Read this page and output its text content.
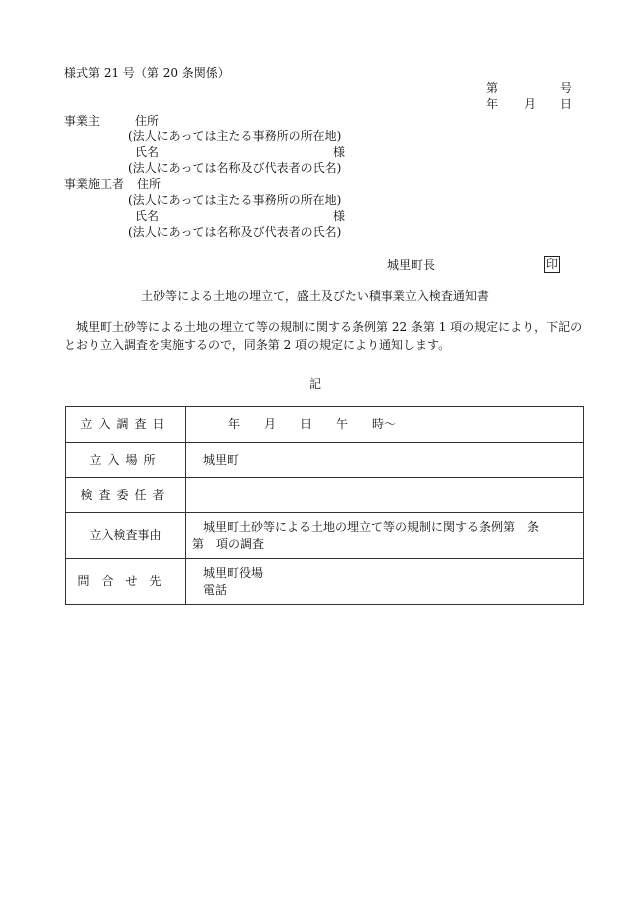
様式第 21 号（第 20 条関係）
第	号
年 月 日
事業主	住所
(法人にあっては主たる事務所の所在地)
氏名	様
(法人にあっては名称及び代表者の氏名)
事業施工者 住所
(法人にあっては主たる事務所の所在地)
氏名	様
(法人にあっては名称及び代表者の氏名)
城里町長	印
土砂等による土地の埋立て，盛土及びたい積事業立入検査通知書
城里町土砂等による土地の埋立て等の規制に関する条例第 22 条第 1 項の規定により，下記のとおり立入調査を実施するので，同条第 2 項の規定により通知します。
記
立入調査日	年　　月　　日　　午　　時～
立入場所	城里町
検査委任者	
立入検査事由	城里町土砂等による土地の埋立て等の規制に関する条例第　条
第　項の調査

問合せ先	城里町役場
電話
